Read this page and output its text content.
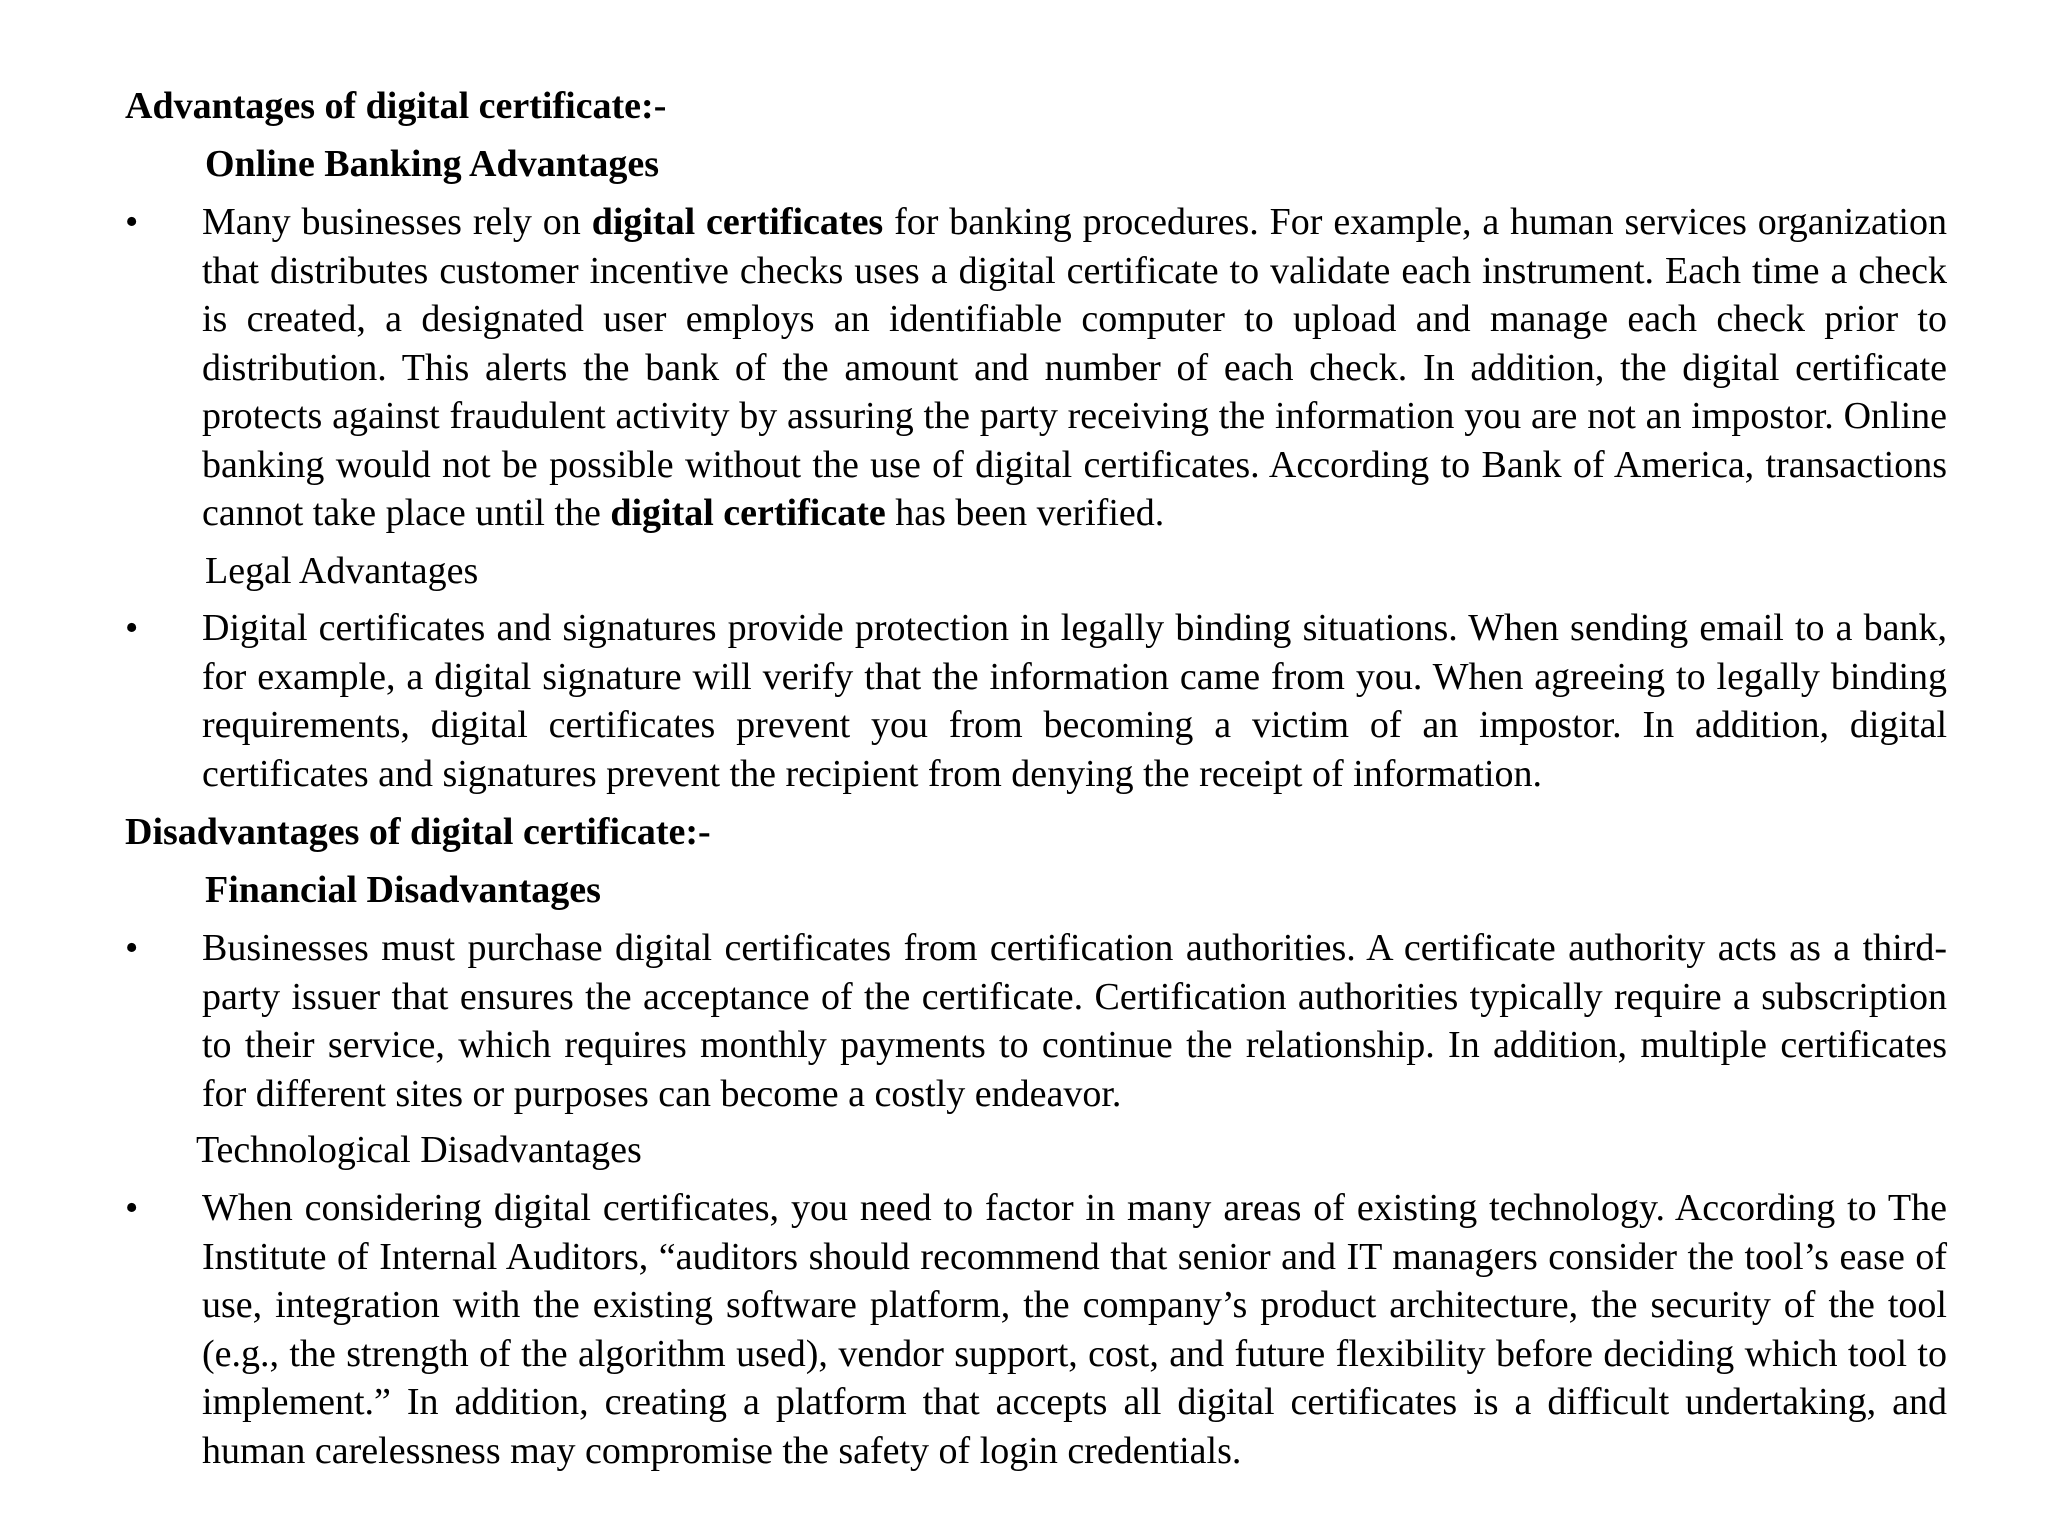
Advantages of digital certificate:-
Online Banking Advantages
• Many businesses rely on digital certificates for banking procedures. For example, a human services organization that distributes customer incentive checks uses a digital certificate to validate each instrument. Each time a check is created, a designated user employs an identifiable computer to upload and manage each check prior to distribution. This alerts the bank of the amount and number of each check. In addition, the digital certificate protects against fraudulent activity by assuring the party receiving the information you are not an impostor. Online banking would not be possible without the use of digital certificates. According to Bank of America, transactions cannot take place until the digital certificate has been verified.
Legal Advantages
• Digital certificates and signatures provide protection in legally binding situations. When sending email to a bank, for example, a digital signature will verify that the information came from you. When agreeing to legally binding requirements, digital certificates prevent you from becoming a victim of an impostor. In addition, digital certificates and signatures prevent the recipient from denying the receipt of information.
Disadvantages of digital certificate:-
Financial Disadvantages
• Businesses must purchase digital certificates from certification authorities. A certificate authority acts as a third-party issuer that ensures the acceptance of the certificate. Certification authorities typically require a subscription to their service, which requires monthly payments to continue the relationship. In addition, multiple certificates for different sites or purposes can become a costly endeavor.
Technological Disadvantages
• When considering digital certificates, you need to factor in many areas of existing technology. According to The Institute of Internal Auditors, “auditors should recommend that senior and IT managers consider the tool’s ease of use, integration with the existing software platform, the company’s product architecture, the security of the tool (e.g., the strength of the algorithm used), vendor support, cost, and future flexibility before deciding which tool to implement.” In addition, creating a platform that accepts all digital certificates is a difficult undertaking, and human carelessness may compromise the safety of login credentials.
